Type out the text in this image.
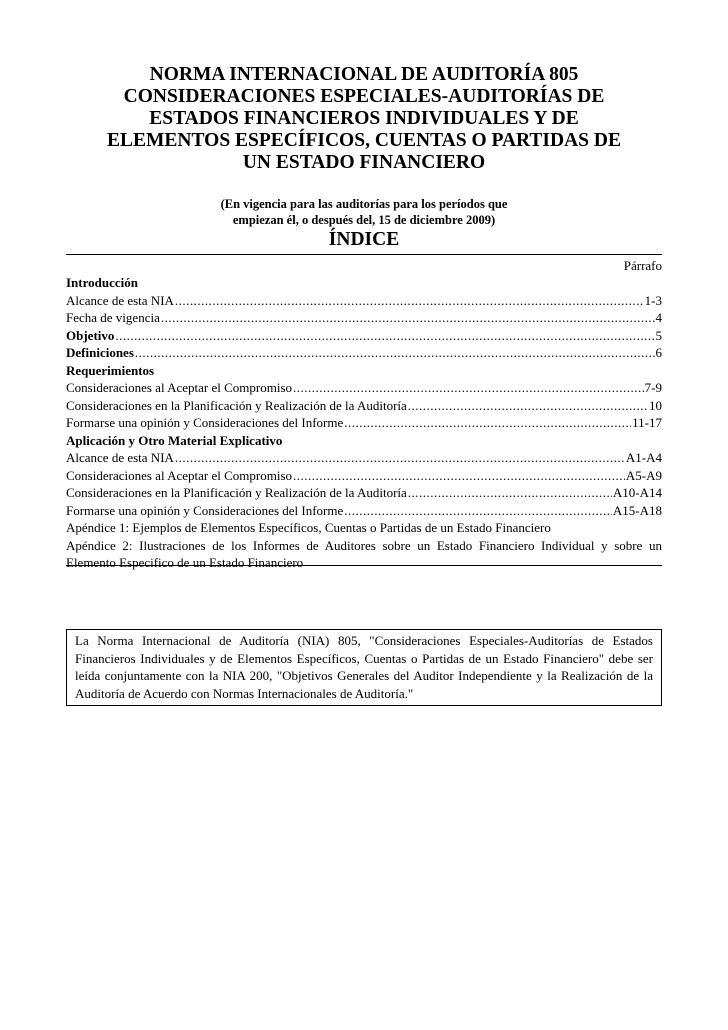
NORMA INTERNACIONAL DE AUDITORÍA 805
CONSIDERACIONES ESPECIALES-AUDITORÍAS DE
ESTADOS FINANCIEROS INDIVIDUALES Y DE
ELEMENTOS ESPECÍFICOS, CUENTAS O PARTIDAS DE
UN ESTADO FINANCIERO
(En vigencia para las auditorías para los períodos que
empiezan él, o después del, 15 de diciembre 2009)
ÍNDICE
Párrafo
Introducción
Alcance de esta NIA .....	1-3
Fecha de vigencia .....	4
Objetivo .....	5
Definiciones .....	6
Requerimientos
Consideraciones al Aceptar el Compromiso .....	7-9
Consideraciones en la Planificación y Realización de la Auditoría .....	10
Formarse una opinión y Consideraciones del Informe .....	11-17
Aplicación y Otro Material Explicativo
Alcance de esta NIA .....	A1-A4
Consideraciones al Aceptar el Compromiso .....	A5-A9
Consideraciones en la Planificación y Realización de la Auditoría .....	A10-A14
Formarse una opinión y Consideraciones del Informe .....	A15-A18
Apéndice 1: Ejemplos de Elementos Específicos, Cuentas o Partidas de un Estado Financiero
Apéndice 2: Ilustraciones de los Informes de Auditores sobre un Estado Financiero Individual y sobre un Elemento Especifico de un Estado Financiero
La Norma Internacional de Auditoría (NIA) 805, "Consideraciones Especiales-Auditorías de Estados Financieros Individuales y de Elementos Específicos, Cuentas o Partidas de un Estado Financiero" debe ser leída conjuntamente con la NIA 200, "Objetivos Generales del Auditor Independiente y la Realización de la Auditoría de Acuerdo con Normas Internacionales de Auditoría."
